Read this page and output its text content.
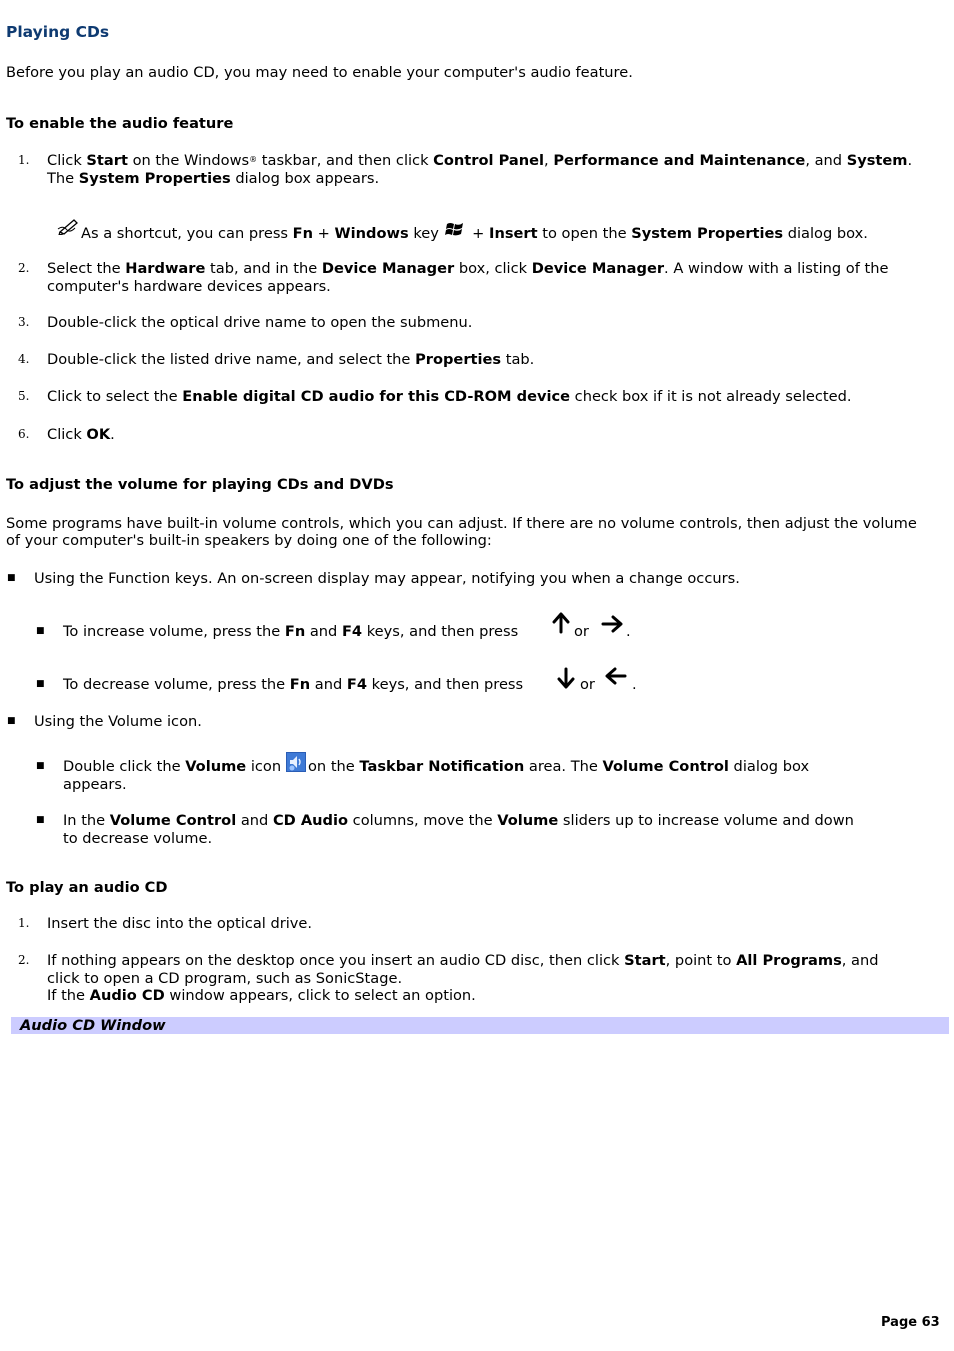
Playing CDs
Before you play an audio CD, you may need to enable your computer's audio feature.
To enable the audio feature
1. Click Start on the Windows® taskbar, and then click Control Panel, Performance and Maintenance, and System.
The System Properties dialog box appears.
As a shortcut, you can press Fn + Windows key  + Insert to open the System Properties dialog box.
2. Select the Hardware tab, and in the Device Manager box, click Device Manager. A window with a listing of the
computer's hardware devices appears.
3. Double-click the optical drive name to open the submenu.
4. Double-click the listed drive name, and select the Properties tab.
5. Click to select the Enable digital CD audio for this CD-ROM device check box if it is not already selected.
6. Click OK.
To adjust the volume for playing CDs and DVDs
Some programs have built-in volume controls, which you can adjust. If there are no volume controls, then adjust the volume
of your computer's built-in speakers by doing one of the following:
■ Using the Function keys. An on-screen display may appear, notifying you when a change occurs.
■ To increase volume, press the Fn and F4 keys, and then press	or	.
■ To decrease volume, press the Fn and F4 keys, and then press	or	.
■ Using the Volume icon.
■ Double click the Volume icon on the Taskbar Notification area. The Volume Control dialog box
appears.
■ In the Volume Control and CD Audio columns, move the Volume sliders up to increase volume and down
to decrease volume.
To play an audio CD
1. Insert the disc into the optical drive.
2. If nothing appears on the desktop once you insert an audio CD disc, then click Start, point to All Programs, and
click to open a CD program, such as SonicStage.
If the Audio CD window appears, click to select an option.
Audio CD Window
Page 63
